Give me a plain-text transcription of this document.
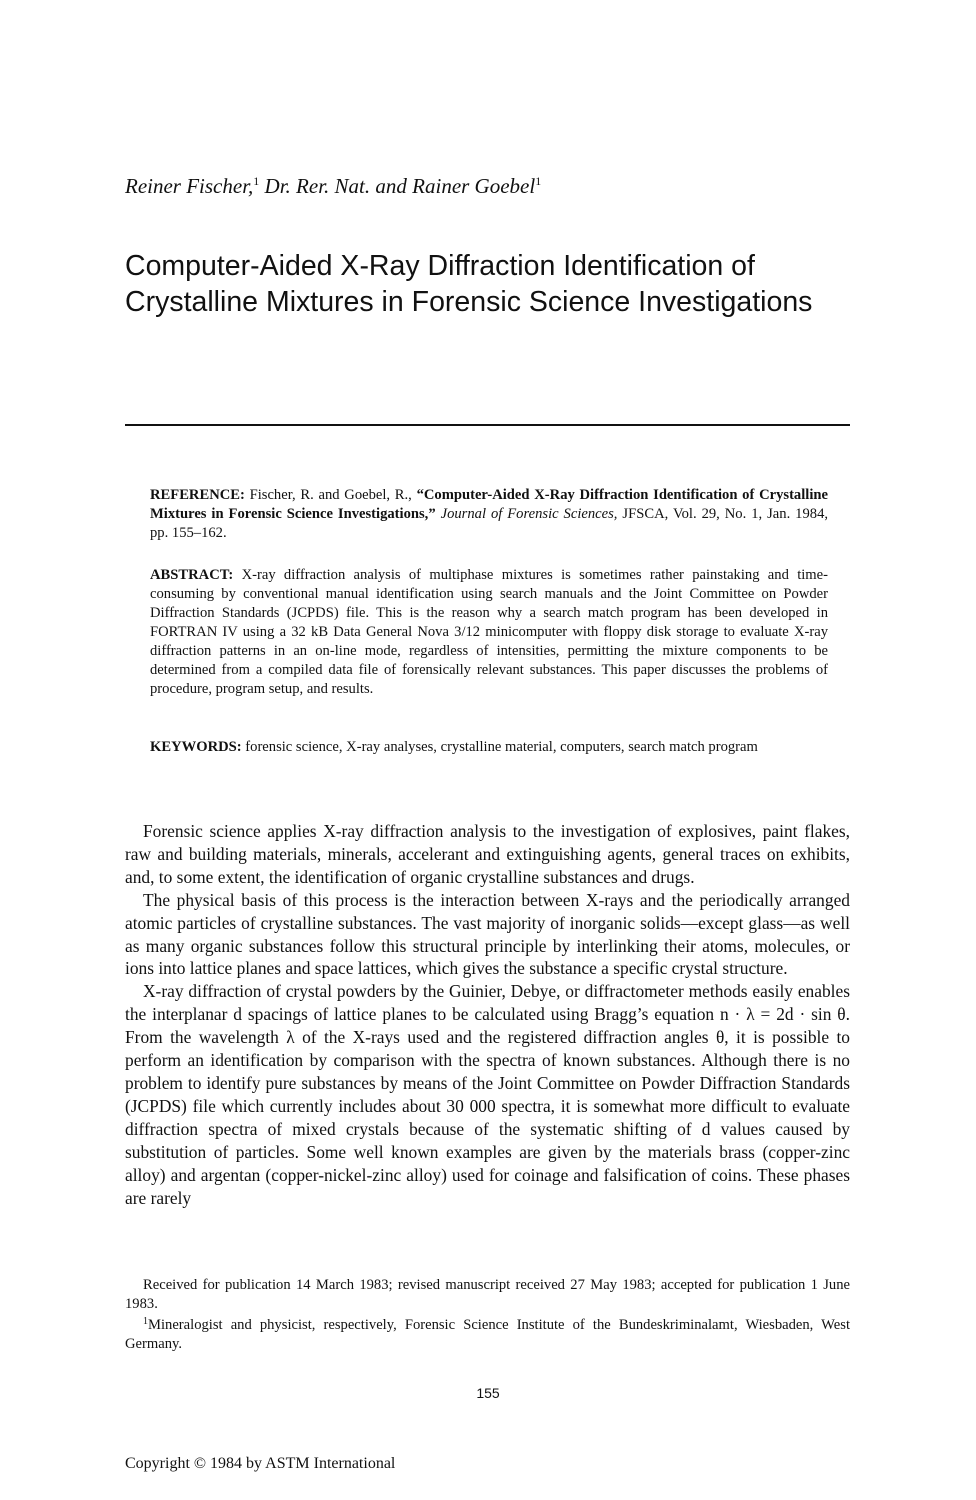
Reiner Fischer,$^1$ Dr. Rer. Nat. and Rainer Goebel$^1$
Computer-Aided X-Ray Diffraction Identification of Crystalline Mixtures in Forensic Science Investigations
REFERENCE: Fischer, R. and Goebel, R., “Computer-Aided X-Ray Diffraction Identification of Crystalline Mixtures in Forensic Science Investigations,” Journal of Forensic Sciences, JFSCA, Vol. 29, No. 1, Jan. 1984, pp. 155–162.
ABSTRACT: X-ray diffraction analysis of multiphase mixtures is sometimes rather painstaking and time-consuming by conventional manual identification using search manuals and the Joint Committee on Powder Diffraction Standards (JCPDS) file. This is the reason why a search match program has been developed in FORTRAN IV using a 32 kB Data General Nova 3/12 minicomputer with floppy disk storage to evaluate X-ray diffraction patterns in an on-line mode, regardless of intensities, permitting the mixture components to be determined from a compiled data file of forensically relevant substances. This paper discusses the problems of procedure, program setup, and results.
KEYWORDS: forensic science, X-ray analyses, crystalline material, computers, search match program

Forensic science applies X-ray diffraction analysis to the investigation of explosives, paint flakes, raw and building materials, minerals, accelerant and extinguishing agents, general traces on exhibits, and, to some extent, the identification of organic crystalline substances and drugs.

The physical basis of this process is the interaction between X-rays and the periodically arranged atomic particles of crystalline substances. The vast majority of inorganic solids—except glass—as well as many organic substances follow this structural principle by interlinking their atoms, molecules, or ions into lattice planes and space lattices, which gives the substance a specific crystal structure.

X-ray diffraction of crystal powders by the Guinier, Debye, or diffractometer methods easily enables the interplanar d spacings of lattice planes to be calculated using Bragg’s equation n · λ = 2d · sin θ. From the wavelength λ of the X-rays used and the registered diffraction angles θ, it is possible to perform an identification by comparison with the spectra of known substances. Although there is no problem to identify pure substances by means of the Joint Committee on Powder Diffraction Standards (JCPDS) file which currently includes about 30 000 spectra, it is somewhat more difficult to evaluate diffraction spectra of mixed crystals because of the systematic shifting of d values caused by substitution of particles. Some well known examples are given by the materials brass (copper-zinc alloy) and argentan (copper-nickel-zinc alloy) used for coinage and falsification of coins. These phases are rarely

Received for publication 14 March 1983; revised manuscript received 27 May 1983; accepted for publication 1 June 1983.

$^1$Mineralogist and physicist, respectively, Forensic Science Institute of the Bundeskriminalamt, Wiesbaden, West Germany.

155
Copyright © 1984 by ASTM International
